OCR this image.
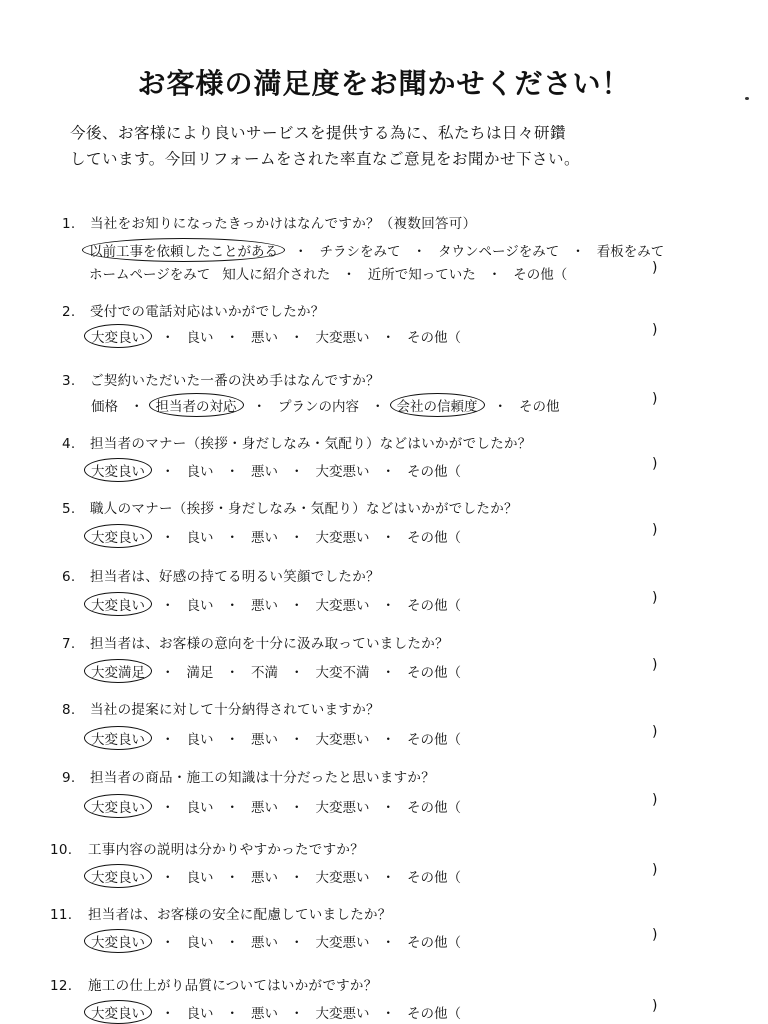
お客様の満足度をお聞かせください！

今後、お客様により良いサービスを提供する為に、私たちは日々研鑽

しています。今回リフォームをされた率直なご意見をお聞かせ下さい。

1. 当社をお知りになったきっかけはなんですか？（複数回答可）
以前工事を依頼したことがある ・ チラシをみて ・ タウンページをみて ・ 看板をみて
ホームページをみて 知人に紹介された ・ 近所で知っていた ・ その他（	)
2. 受付での電話対応はいかがでしたか？
大変良い ・ 良い ・ 悪い ・ 大変悪い ・ その他（	)
3. ご契約いただいた一番の決め手はなんですか？
価格 ・ 担当者の対応 ・ プランの内容 ・ 会社の信頼度 ・ その他	)
4. 担当者のマナー（挨拶・身だしなみ・気配り）などはいかがでしたか？
大変良い ・ 良い ・ 悪い ・ 大変悪い ・ その他（	)
5. 職人のマナー（挨拶・身だしなみ・気配り）などはいかがでしたか？
大変良い ・ 良い ・ 悪い ・ 大変悪い ・ その他（	)
6. 担当者は、好感の持てる明るい笑顔でしたか？
大変良い ・ 良い ・ 悪い ・ 大変悪い ・ その他（	)
7. 担当者は、お客様の意向を十分に汲み取っていましたか？
大変満足 ・ 満足 ・ 不満 ・ 大変不満 ・ その他（	)
8. 当社の提案に対して十分納得されていますか？
大変良い ・ 良い ・ 悪い ・ 大変悪い ・ その他（	)
9. 担当者の商品・施工の知識は十分だったと思いますか？
大変良い ・ 良い ・ 悪い ・ 大変悪い ・ その他（	)
10. 工事内容の説明は分かりやすかったですか？
大変良い ・ 良い ・ 悪い ・ 大変悪い ・ その他（	)
11. 担当者は、お客様の安全に配慮していましたか？
大変良い ・ 良い ・ 悪い ・ 大変悪い ・ その他（	)
12. 施工の仕上がり品質についてはいかがですか？
大変良い ・ 良い ・ 悪い ・ 大変悪い ・ その他（	)
